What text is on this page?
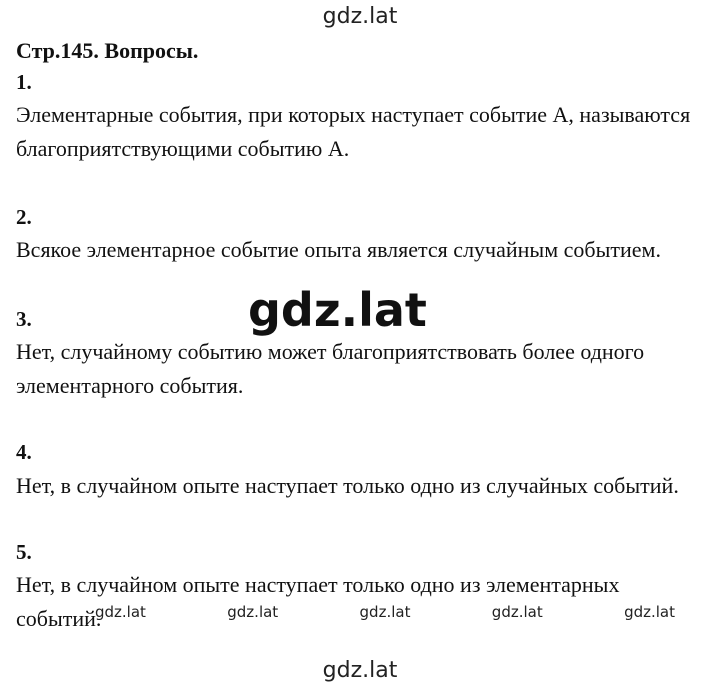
gdz.lat
Стр.145. Вопросы.
1.
Элементарные события, при которых наступает событие А, называются
благоприятствующими событию А.
2.
Всякое элементарное событие опыта является случайным событием.
3.
Нет, случайному событию может благоприятствовать более одного
элементарного события.
4.
Нет, в случайном опыте наступает только одно из случайных событий.
5.
Нет, в случайном опыте наступает только одно из элементарных
событий.
gdz.lat
gdz.lat	gdz.lat	gdz.lat	gdz.lat	gdz.lat
gdz.lat
